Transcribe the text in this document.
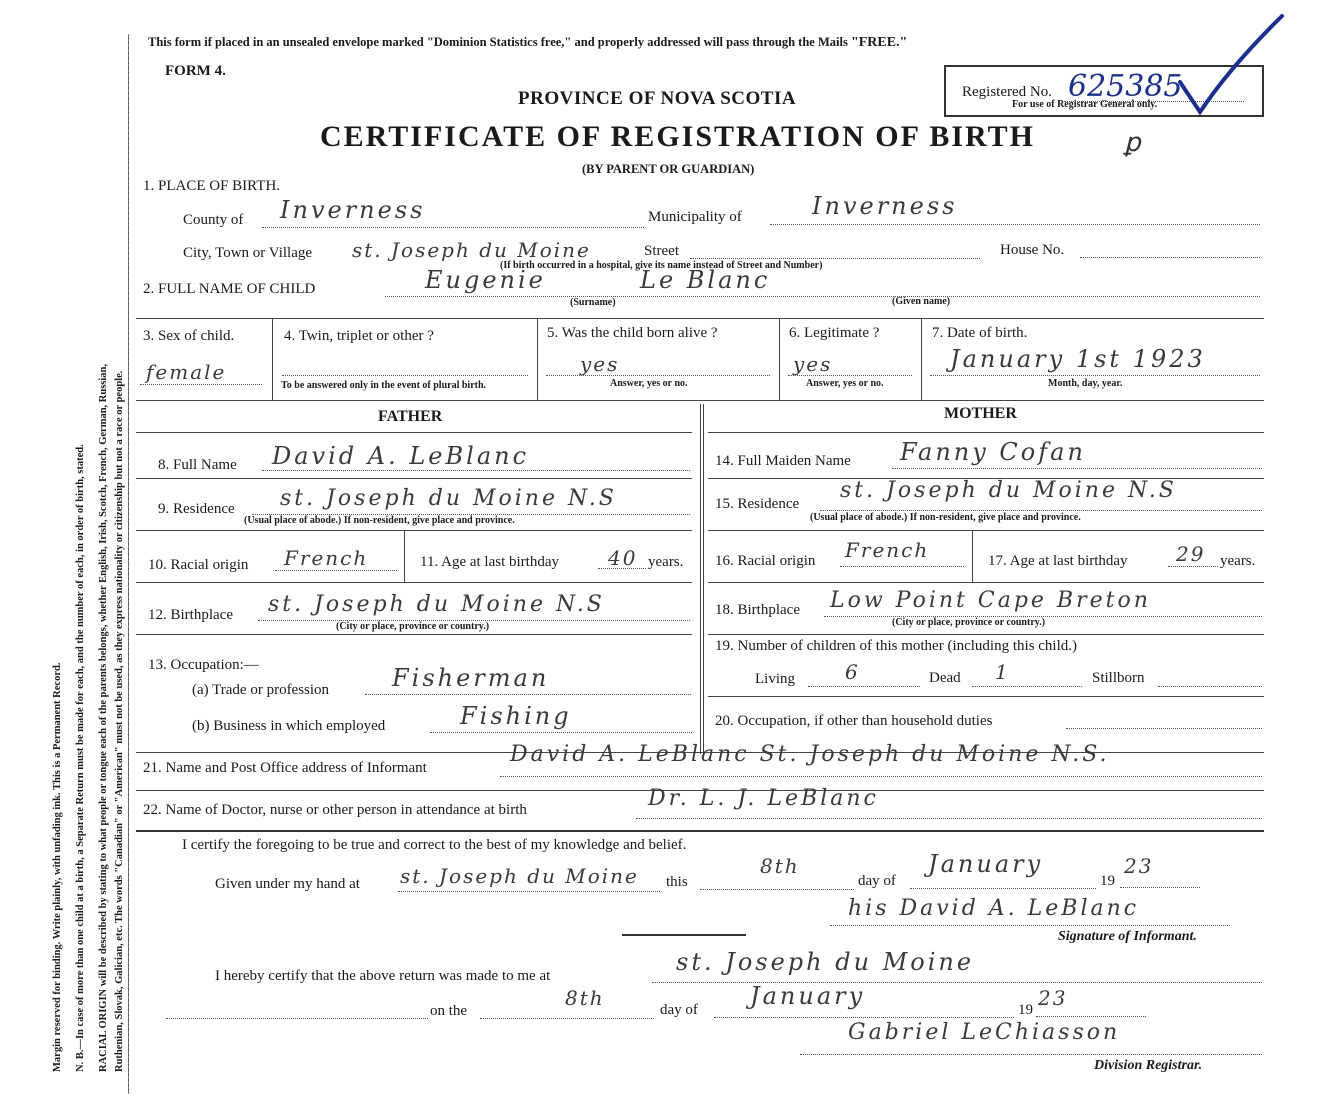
Margin reserved for binding. Write plainly, with unfading ink. This is a Permanent Record. N. B.—In case of more than one child at a birth, a Separate Return must be made for each, and the number of each, in order of birth, stated. RACIAL ORIGIN will be described by stating to what people or tongue each of the parents belongs, whether English, Irish, Scotch, French, German, Russian, Ruthenian, Slovak, Galician, etc. The words "Canadian" or "American" must not be used, as they express nationality or citizenship but not a race or people.
This form if placed in an unsealed envelope marked "Dominion Statistics free," and properly addressed will pass through the Mails "FREE."
FORM 4.
PROVINCE OF NOVA SCOTIA
CERTIFICATE OF REGISTRATION OF BIRTH
(BY PARENT OR GUARDIAN)
Registered No. 625385
For use of Registrar General only.
ꝑ
1. PLACE OF BIRTH.
County of Inverness	Municipality of	Inverness
City, Town or Village st. Joseph du Moine	Street	House No.
(If birth occurred in a hospital, give its name instead of Street and Number)
2. FULL NAME OF CHILD	Eugenie	Le Blanc
(Surname)	(Given name)
3. Sex of child.
female
4. Twin, triplet or other ?
To be answered only in the event of plural birth.
5. Was the child born alive ?
yes
Answer, yes or no.
6. Legitimate ?
yes
Answer, yes or no.
7. Date of birth.
January 1st 1923
Month, day, year.
FATHER	MOTHER
8. Full Name David A. LeBlanc	14. Full Maiden Name Fanny Cofan
9. Residence st. Joseph du Moine N.S
(Usual place of abode.) If non-resident, give place and province.
15. Residence
st. Joseph du Moine N.S
(Usual place of abode.) If non-resident, give place and province.
10. Racial origin French	11. Age at last birthday 40 years. 16. Racial origin French	17. Age at last birthday 29 years.
12. Birthplace st. Joseph du Moine N.S
(City or place, province or country.)
18. Birthplace Low Point Cape Breton
(City or place, province or country.)
13. Occupation:—
(a) Trade or profession	Fisherman
(b) Business in which employed	Fishing
19. Number of children of this mother (including this child.)
Living	6	Dead 1	Stillborn
20. Occupation, if other than household duties
21. Name and Post Office address of Informant
David A. LeBlanc St. Joseph du Moine N.S.
22. Name of Doctor, nurse or other person in attendance at birth	Dr. L. J. LeBlanc
I certify the foregoing to be true and correct to the best of my knowledge and belief.
Given under my hand at st. Joseph du Moine this
8th
day of
January
19
23
his David A. LeBlanc
Signature of Informant.
I hereby certify that the above return was made to me at	st. Joseph du Moine
on the
8th	day of January	19 23
Gabriel LeChiasson
Division Registrar.
